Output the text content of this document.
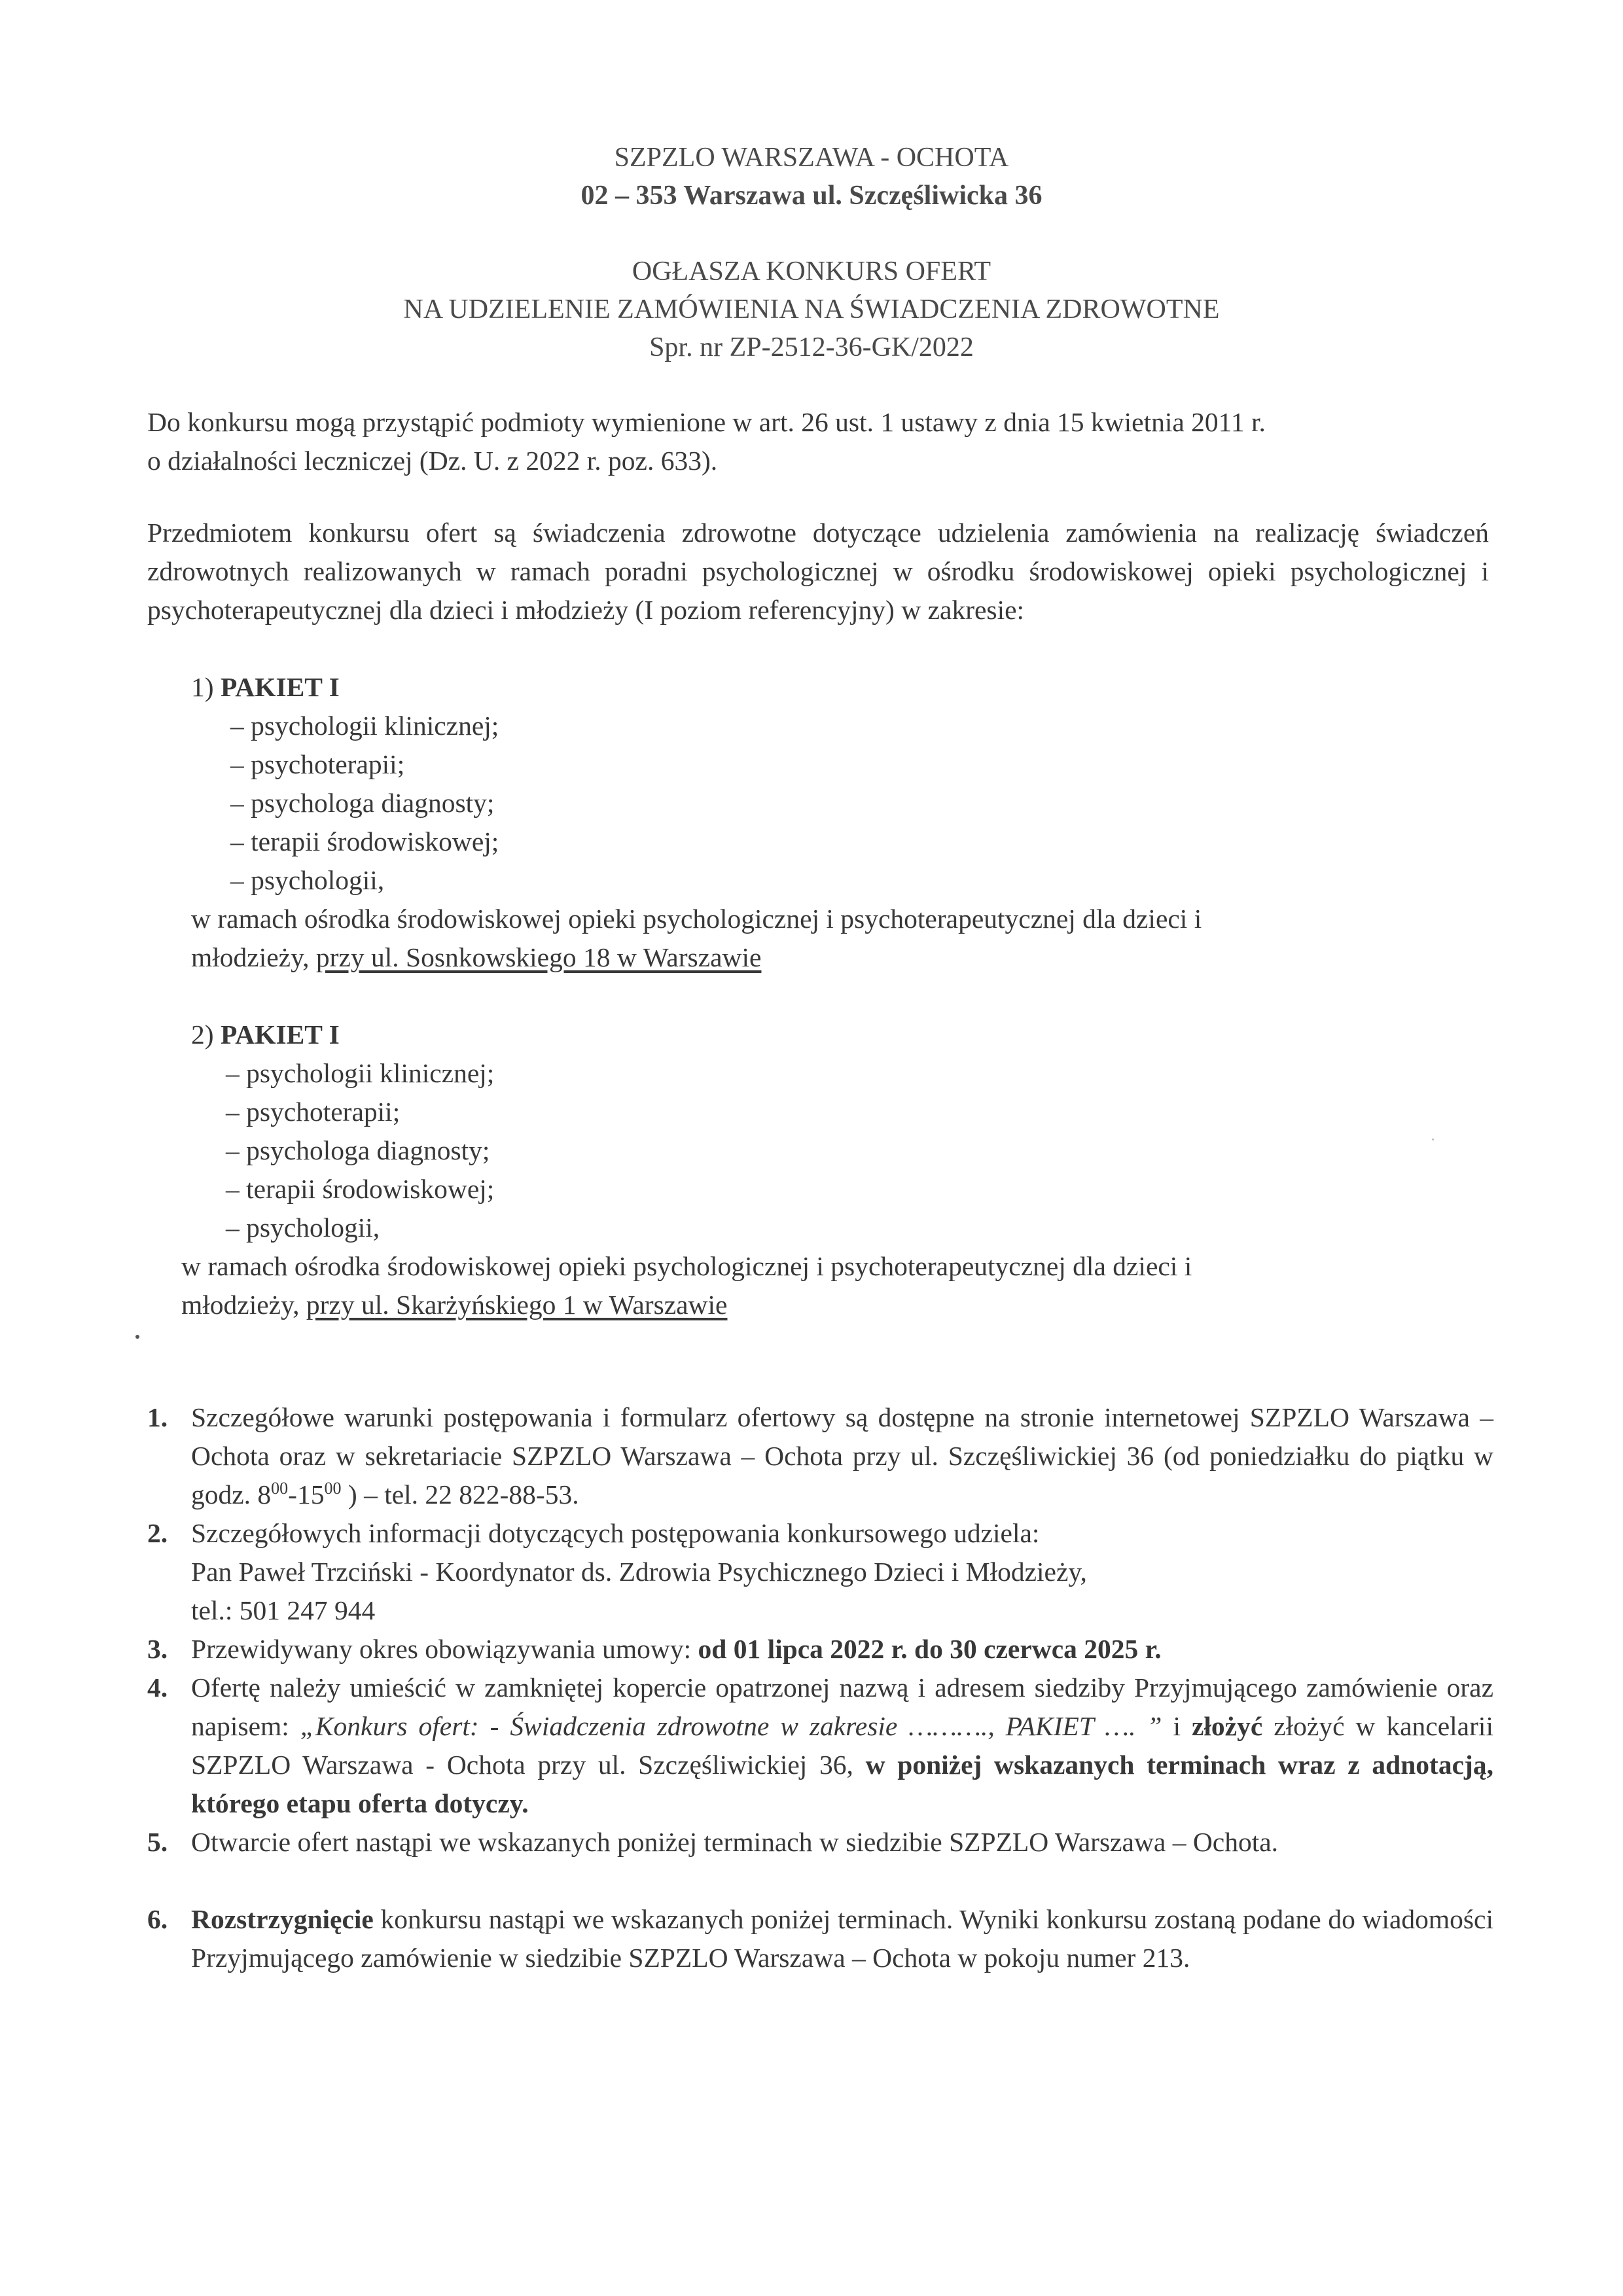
SZPZLO WARSZAWA - OCHOTA
02 – 353 Warszawa ul. Szczęśliwicka 36
OGŁASZA KONKURS OFERT
NA UDZIELENIE ZAMÓWIENIA NA ŚWIADCZENIA ZDROWOTNE
Spr. nr ZP-2512-36-GK/2022
Do konkursu mogą przystąpić podmioty wymienione w art. 26 ust. 1 ustawy z dnia 15 kwietnia 2011 r.
o działalności leczniczej (Dz. U. z 2022 r. poz. 633).
Przedmiotem konkursu ofert są świadczenia zdrowotne dotyczące udzielenia zamówienia na realizację świadczeń zdrowotnych realizowanych w ramach poradni psychologicznej w ośrodku środowiskowej opieki psychologicznej i psychoterapeutycznej dla dzieci i młodzieży (I poziom referencyjny) w zakresie:
1) PAKIET I
– psychologii klinicznej;
– psychoterapii;
– psychologa diagnosty;
– terapii środowiskowej;
– psychologii,
w ramach ośrodka środowiskowej opieki psychologicznej i psychoterapeutycznej dla dzieci i
młodzieży, przy ul. Sosnkowskiego 18 w Warszawie
2) PAKIET I
– psychologii klinicznej;
– psychoterapii;
– psychologa diagnosty;
– terapii środowiskowej;
– psychologii,
w ramach ośrodka środowiskowej opieki psychologicznej i psychoterapeutycznej dla dzieci i
młodzieży, przy ul. Skarżyńskiego 1 w Warszawie
1. Szczegółowe warunki postępowania i formularz ofertowy są dostępne na stronie internetowej SZPZLO Warszawa – Ochota oraz w sekretariacie SZPZLO Warszawa – Ochota przy ul. Szczęśliwickiej 36 (od poniedziałku do piątku w godz. $8^{00}-15^{00}$ ) – tel. 22 822-88-53.
2. Szczegółowych informacji dotyczących postępowania konkursowego udziela:
Pan Paweł Trzciński - Koordynator ds. Zdrowia Psychicznego Dzieci i Młodzieży,
tel.: 501 247 944
3. Przewidywany okres obowiązywania umowy: od 01 lipca 2022 r. do 30 czerwca 2025 r.
4. Ofertę należy umieścić w zamkniętej kopercie opatrzonej nazwą i adresem siedziby Przyjmującego zamówienie oraz napisem: „Konkurs ofert: - Świadczenia zdrowotne w zakresie ………., PAKIET …. ” i złożyć złożyć w kancelarii SZPZLO Warszawa - Ochota przy ul. Szczęśliwickiej 36, w poniżej wskazanych terminach wraz z adnotacją, którego etapu oferta dotyczy.
5. Otwarcie ofert nastąpi we wskazanych poniżej terminach w siedzibie SZPZLO Warszawa – Ochota.
6. Rozstrzygnięcie konkursu nastąpi we wskazanych poniżej terminach. Wyniki konkursu zostaną podane do wiadomości Przyjmującego zamówienie w siedzibie SZPZLO Warszawa – Ochota w pokoju numer 213.
